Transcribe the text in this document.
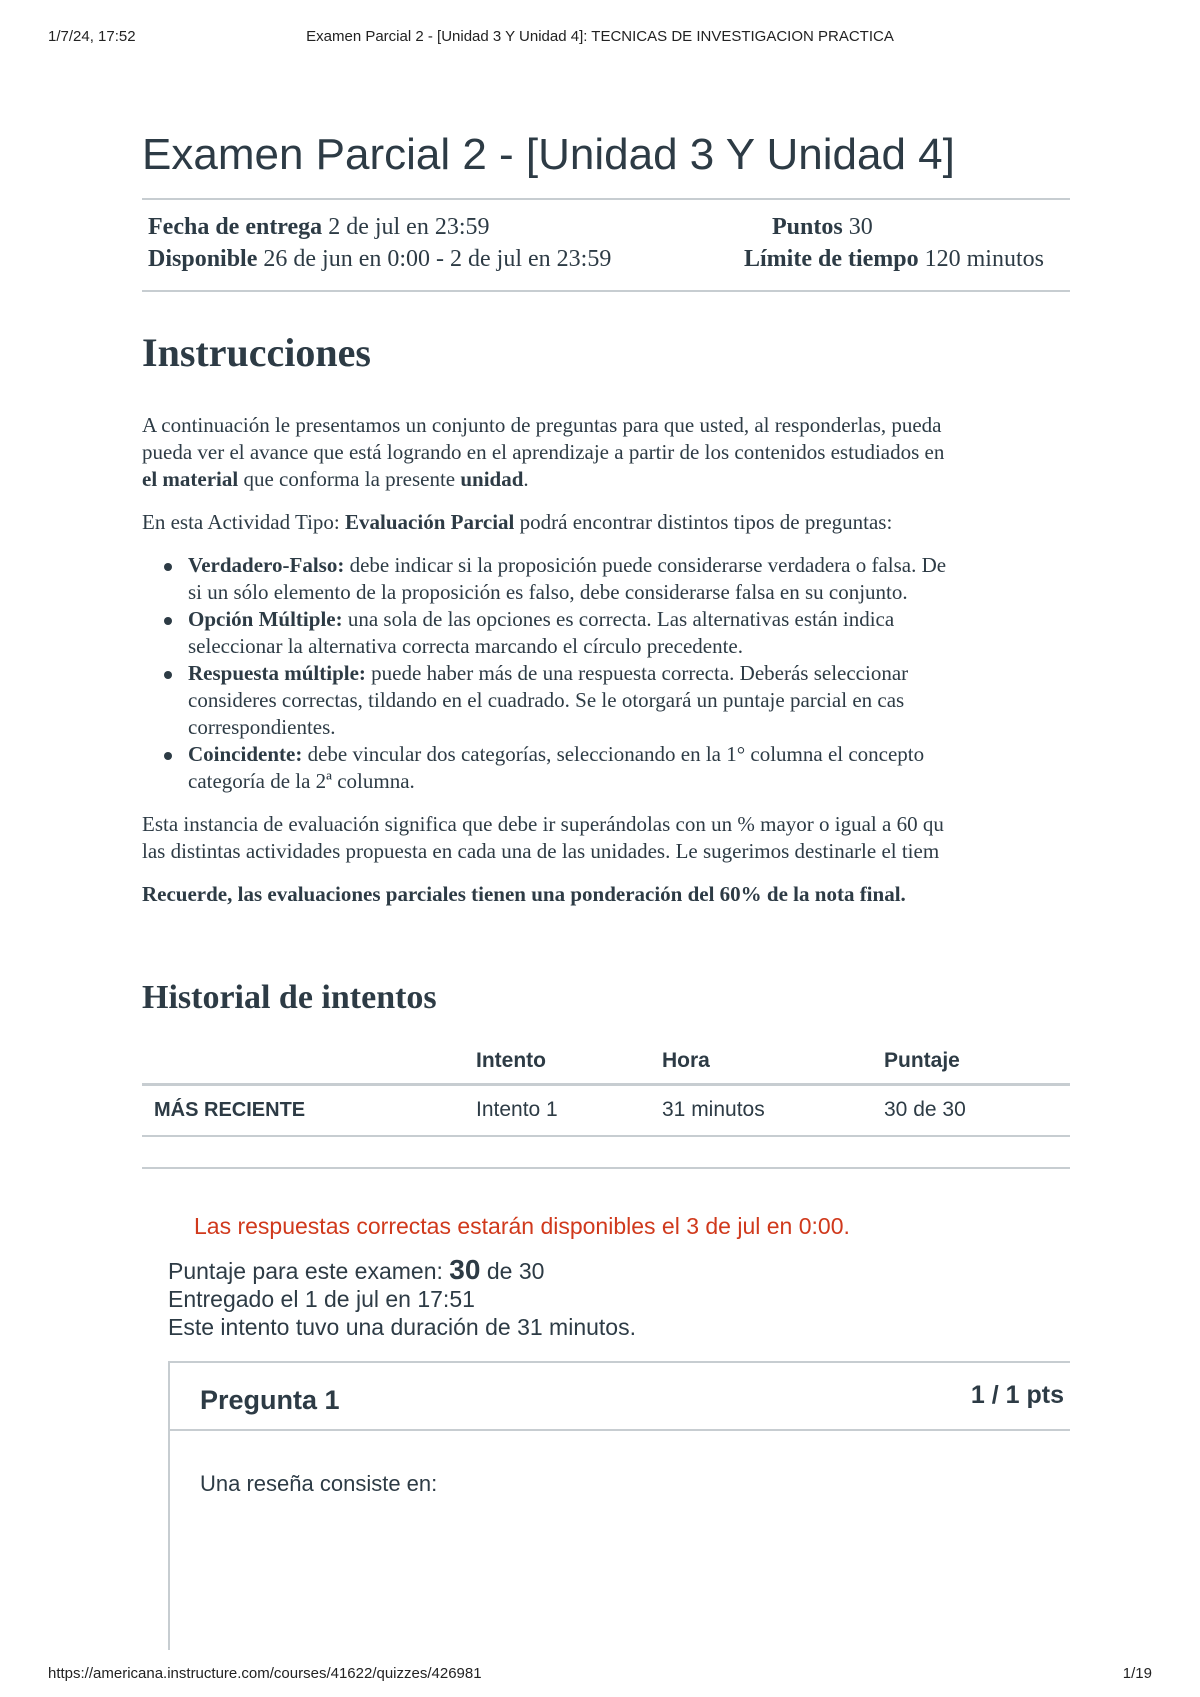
1/7/24, 17:52	Examen Parcial 2 - [Unidad 3 Y Unidad 4]: TECNICAS DE INVESTIGACION PRACTICA
Examen Parcial 2 - [Unidad 3 Y Unidad 4]
Fecha de entrega 2 de jul en 23:59
Disponible 26 de jun en 0:00 - 2 de jul en 23:59
Puntos 30
Límite de tiempo 120 minutos
Instrucciones

A continuación le presentamos un conjunto de preguntas para que usted, al responderlas, pueda
pueda ver el avance que está logrando en el aprendizaje a partir de los contenidos estudiados en
el material que conforma la presente unidad.

En esta Actividad Tipo: Evaluación Parcial podrá encontrar distintos tipos de preguntas:

Verdadero-Falso: debe indicar si la proposición puede considerarse verdadera o falsa. De
si un sólo elemento de la proposición es falso, debe considerarse falsa en su conjunto.
Opción Múltiple: una sola de las opciones es correcta. Las alternativas están indica
seleccionar la alternativa correcta marcando el círculo precedente.
Respuesta múltiple: puede haber más de una respuesta correcta. Deberás seleccionar
consideres correctas, tildando en el cuadrado. Se le otorgará un puntaje parcial en cas
correspondientes.
Coincidente: debe vincular dos categorías, seleccionando en la 1° columna el concepto
categoría de la 2ª columna.

Esta instancia de evaluación significa que debe ir superándolas con un % mayor o igual a 60 qu
las distintas actividades propuesta en cada una de las unidades. Le sugerimos destinarle el tiem

Recuerde, las evaluaciones parciales tienen una ponderación del 60% de la nota final.

Historial de intentos
	Intento	Hora	Puntaje
MÁS RECIENTE	Intento 1	31 minutos	30 de 30
Las respuestas correctas estarán disponibles el 3 de jul en 0:00.
Puntaje para este examen: 30 de 30
Entregado el 1 de jul en 17:51
Este intento tuvo una duración de 31 minutos.
Pregunta 1	1 / 1 pts
Una reseña consiste en:
https://americana.instructure.com/courses/41622/quizzes/426981	1/19
